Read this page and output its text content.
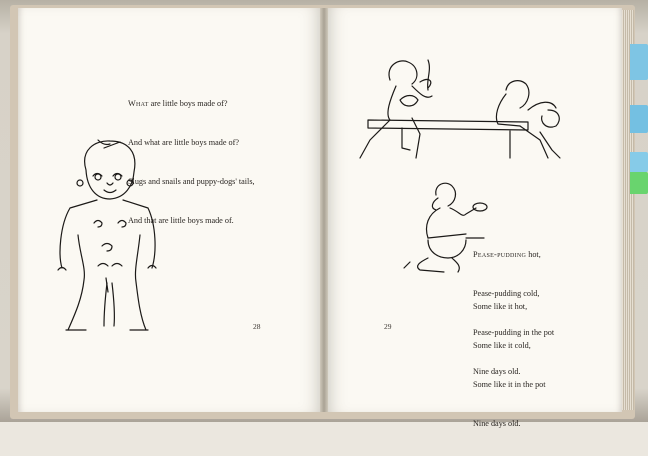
What are little boys made of?

And what are little boys made of?

Slugs and snails and puppy-dogs' tails,

And that are little boys made of.

Pease-pudding hot,

Pease-pudding cold,

Pease-pudding in the pot

Nine days old.

Some like it hot,

Some like it cold,

Some like it in the pot

Nine days old.

28	29
